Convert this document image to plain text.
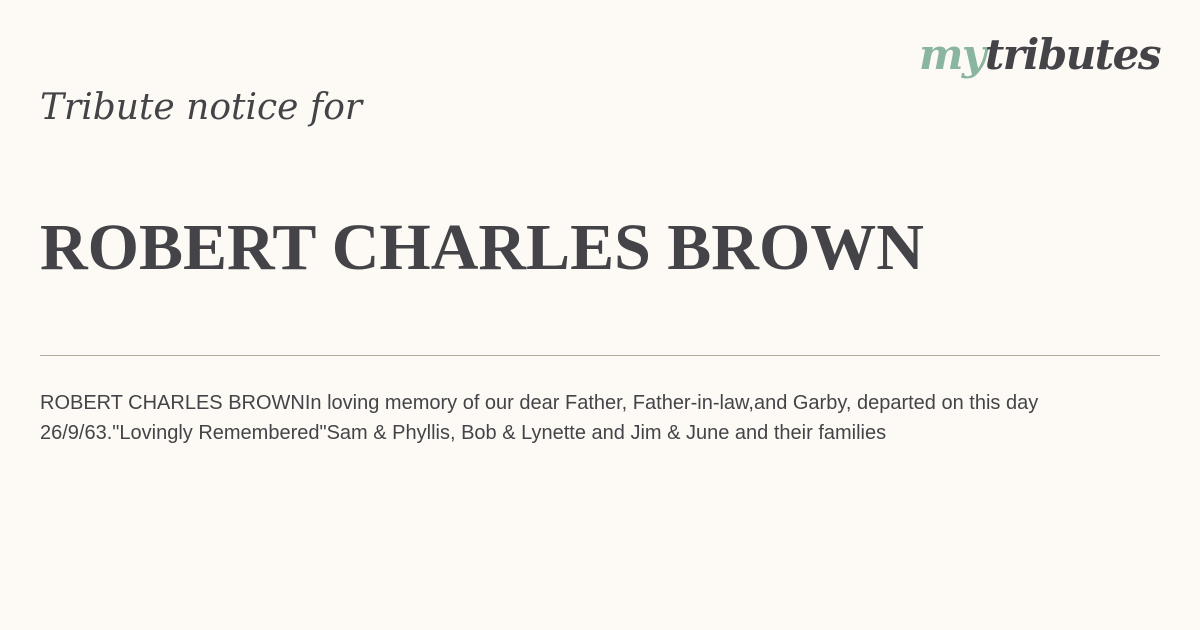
mytributes
Tribute notice for
ROBERT CHARLES BROWN
ROBERT CHARLES BROWNIn loving memory of our dear Father, Father-in-law,and Garby, departed on this day 26/9/63."Lovingly Remembered"Sam & Phyllis, Bob & Lynette and Jim & June and their families
